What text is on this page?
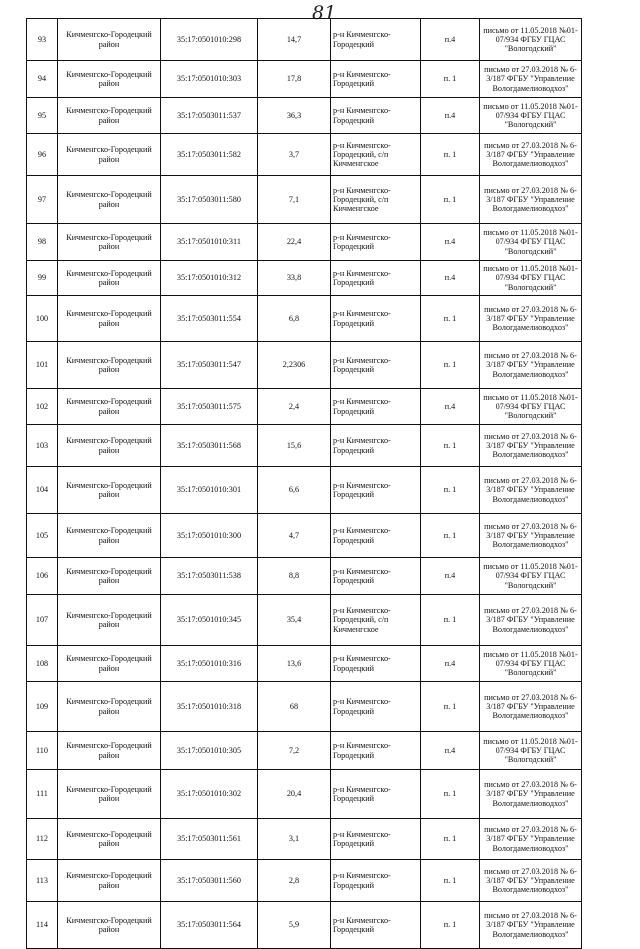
81
93	Кичменгско-Городецкий район	35:17:0501010:298	14,7	р-н Кичменгско-Городецкий	п.4	письмо от 11.05.2018 №01-07/934 ФГБУ ГЦАС "Вологодский"
94	Кичменгско-Городецкий район	35:17:0501010:303	17,8	р-н Кичменгско-Городецкий	п. 1	письмо от 27.03.2018 № 6-3/187 ФГБУ "Управление Вологдамелиоводхоз"
95	Кичменгско-Городецкий район	35:17:0503011:537	36,3	р-н Кичменгско-Городецкий	п.4	письмо от 11.05.2018 №01-07/934 ФГБУ ГЦАС "Вологодский"
96	Кичменгско-Городецкий район	35:17:0503011:582	3,7	р-н Кичменгско-Городецкий, с/п Кичменгское	п. 1	письмо от 27.03.2018 № 6-3/187 ФГБУ "Управление Вологдамелиоводхоз"
97	Кичменгско-Городецкий район	35:17:0503011:580	7,1	р-н Кичменгско-Городецкий, с/п Кичменгское	п. 1	письмо от 27.03.2018 № 6-3/187 ФГБУ "Управление Вологдамелиоводхоз"
98	Кичменгско-Городецкий район	35:17:0501010:311	22,4	р-н Кичменгско-Городецкий	п.4	письмо от 11.05.2018 №01-07/934 ФГБУ ГЦАС "Вологодский"
99	Кичменгско-Городецкий район	35:17:0501010:312	33,8	р-н Кичменгско-Городецкий	п.4	письмо от 11.05.2018 №01-07/934 ФГБУ ГЦАС "Вологодский"
100	Кичменгско-Городецкий район	35:17:0503011:554	6,8	р-н Кичменгско-Городецкий	п. 1	письмо от 27.03.2018 № 6-3/187 ФГБУ "Управление Вологдамелиоводхоз"
101	Кичменгско-Городецкий район	35:17:0503011:547	2,2306	р-н Кичменгско-Городецкий	п. 1	письмо от 27.03.2018 № 6-3/187 ФГБУ "Управление Вологдамелиоводхоз"
102	Кичменгско-Городецкий район	35:17:0503011:575	2,4	р-н Кичменгско-Городецкий	п.4	письмо от 11.05.2018 №01-07/934 ФГБУ ГЦАС "Вологодский"
103	Кичменгско-Городецкий район	35:17:0503011:568	15,6	р-н Кичменгско-Городецкий	п. 1	письмо от 27.03.2018 № 6-3/187 ФГБУ "Управление Вологдамелиоводхоз"
104	Кичменгско-Городецкий район	35:17:0501010:301	6,6	р-н Кичменгско-Городецкий	п. 1	письмо от 27.03.2018 № 6-3/187 ФГБУ "Управление Вологдамелиоводхоз"
105	Кичменгско-Городецкий район	35:17:0501010:300	4,7	р-н Кичменгско-Городецкий	п. 1	письмо от 27.03.2018 № 6-3/187 ФГБУ "Управление Вологдамелиоводхоз"
106	Кичменгско-Городецкий район	35:17:0503011:538	8,8	р-н Кичменгско-Городецкий	п.4	письмо от 11.05.2018 №01-07/934 ФГБУ ГЦАС "Вологодский"
107	Кичменгско-Городецкий район	35:17:0501010:345	35,4	р-н Кичменгско-Городецкий, с/п Кичменгское	п. 1	письмо от 27.03.2018 № 6-3/187 ФГБУ "Управление Вологдамелиоводхоз"
108	Кичменгско-Городецкий район	35:17:0501010:316	13,6	р-н Кичменгско-Городецкий	п.4	письмо от 11.05.2018 №01-07/934 ФГБУ ГЦАС "Вологодский"
109	Кичменгско-Городецкий район	35:17:0501010:318	68	р-н Кичменгско-Городецкий	п. 1	письмо от 27.03.2018 № 6-3/187 ФГБУ "Управление Вологдамелиоводхоз"
110	Кичменгско-Городецкий район	35:17:0501010:305	7,2	р-н Кичменгско-Городецкий	п.4	письмо от 11.05.2018 №01-07/934 ФГБУ ГЦАС "Вологодский"
111	Кичменгско-Городецкий район	35:17:0501010:302	20,4	р-н Кичменгско-Городецкий	п. 1	письмо от 27.03.2018 № 6-3/187 ФГБУ "Управление Вологдамелиоводхоз"
112	Кичменгско-Городецкий район	35:17:0503011:561	3,1	р-н Кичменгско-Городецкий	п. 1	письмо от 27.03.2018 № 6-3/187 ФГБУ "Управление Вологдамелиоводхоз"
113	Кичменгско-Городецкий район	35:17:0503011:560	2,8	р-н Кичменгско-Городецкий	п. 1	письмо от 27.03.2018 № 6-3/187 ФГБУ "Управление Вологдамелиоводхоз"
114	Кичменгско-Городецкий район	35:17:0503011:564	5,9	р-н Кичменгско-Городецкий	п. 1	письмо от 27.03.2018 № 6-3/187 ФГБУ "Управление Вологдамелиоводхоз"
